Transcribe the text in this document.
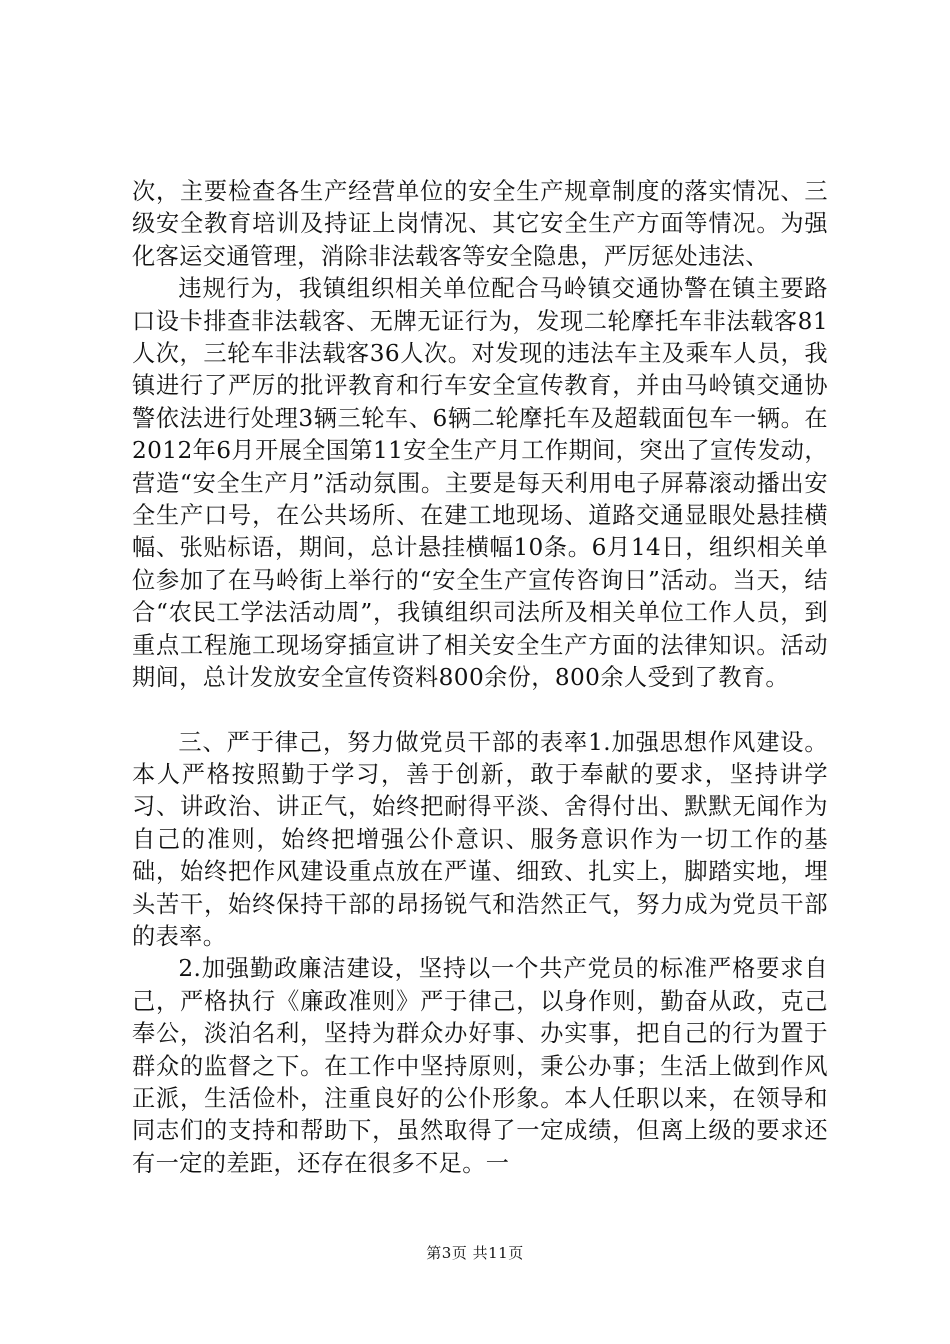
次，主要检查各生产经营单位的安全生产规章制度的落实情况、三级安全教育培训及持证上岗情况、其它安全生产方面等情况。为强化客运交通管理，消除非法载客等安全隐患，严厉惩处违法、

违规行为，我镇组织相关单位配合马岭镇交通协警在镇主要路口设卡排查非法载客、无牌无证行为，发现二轮摩托车非法载客81人次，三轮车非法载客36人次。对发现的违法车主及乘车人员，我镇进行了严厉的批评教育和行车安全宣传教育，并由马岭镇交通协警依法进行处理3辆三轮车、6辆二轮摩托车及超载面包车一辆。在2012年6月开展全国第11安全生产月工作期间，突出了宣传发动，营造“安全生产月”活动氛围。主要是每天利用电子屏幕滚动播出安全生产口号，在公共场所、在建工地现场、道路交通显眼处悬挂横幅、张贴标语，期间，总计悬挂横幅10条。6月14日，组织相关单位参加了在马岭街上举行的“安全生产宣传咨询日”活动。当天，结合“农民工学法活动周”，我镇组织司法所及相关单位工作人员，到重点工程施工现场穿插宣讲了相关安全生产方面的法律知识。活动期间，总计发放安全宣传资料800余份，800余人受到了教育。

三、严于律己，努力做党员干部的表率1.加强思想作风建设。本人严格按照勤于学习，善于创新，敢于奉献的要求，坚持讲学习、讲政治、讲正气，始终把耐得平淡、舍得付出、默默无闻作为自己的准则，始终把增强公仆意识、服务意识作为一切工作的基础，始终把作风建设重点放在严谨、细致、扎实上，脚踏实地，埋头苦干，始终保持干部的昂扬锐气和浩然正气，努力成为党员干部的表率。

2.加强勤政廉洁建设，坚持以一个共产党员的标准严格要求自己，严格执行《廉政准则》严于律己，以身作则，勤奋从政，克己奉公，淡泊名利，坚持为群众办好事、办实事，把自己的行为置于群众的监督之下。在工作中坚持原则，秉公办事；生活上做到作风正派，生活俭朴，注重良好的公仆形象。本人任职以来，在领导和同志们的支持和帮助下，虽然取得了一定成绩，但离上级的要求还有一定的差距，还存在很多不足。一

第3页 共11页
